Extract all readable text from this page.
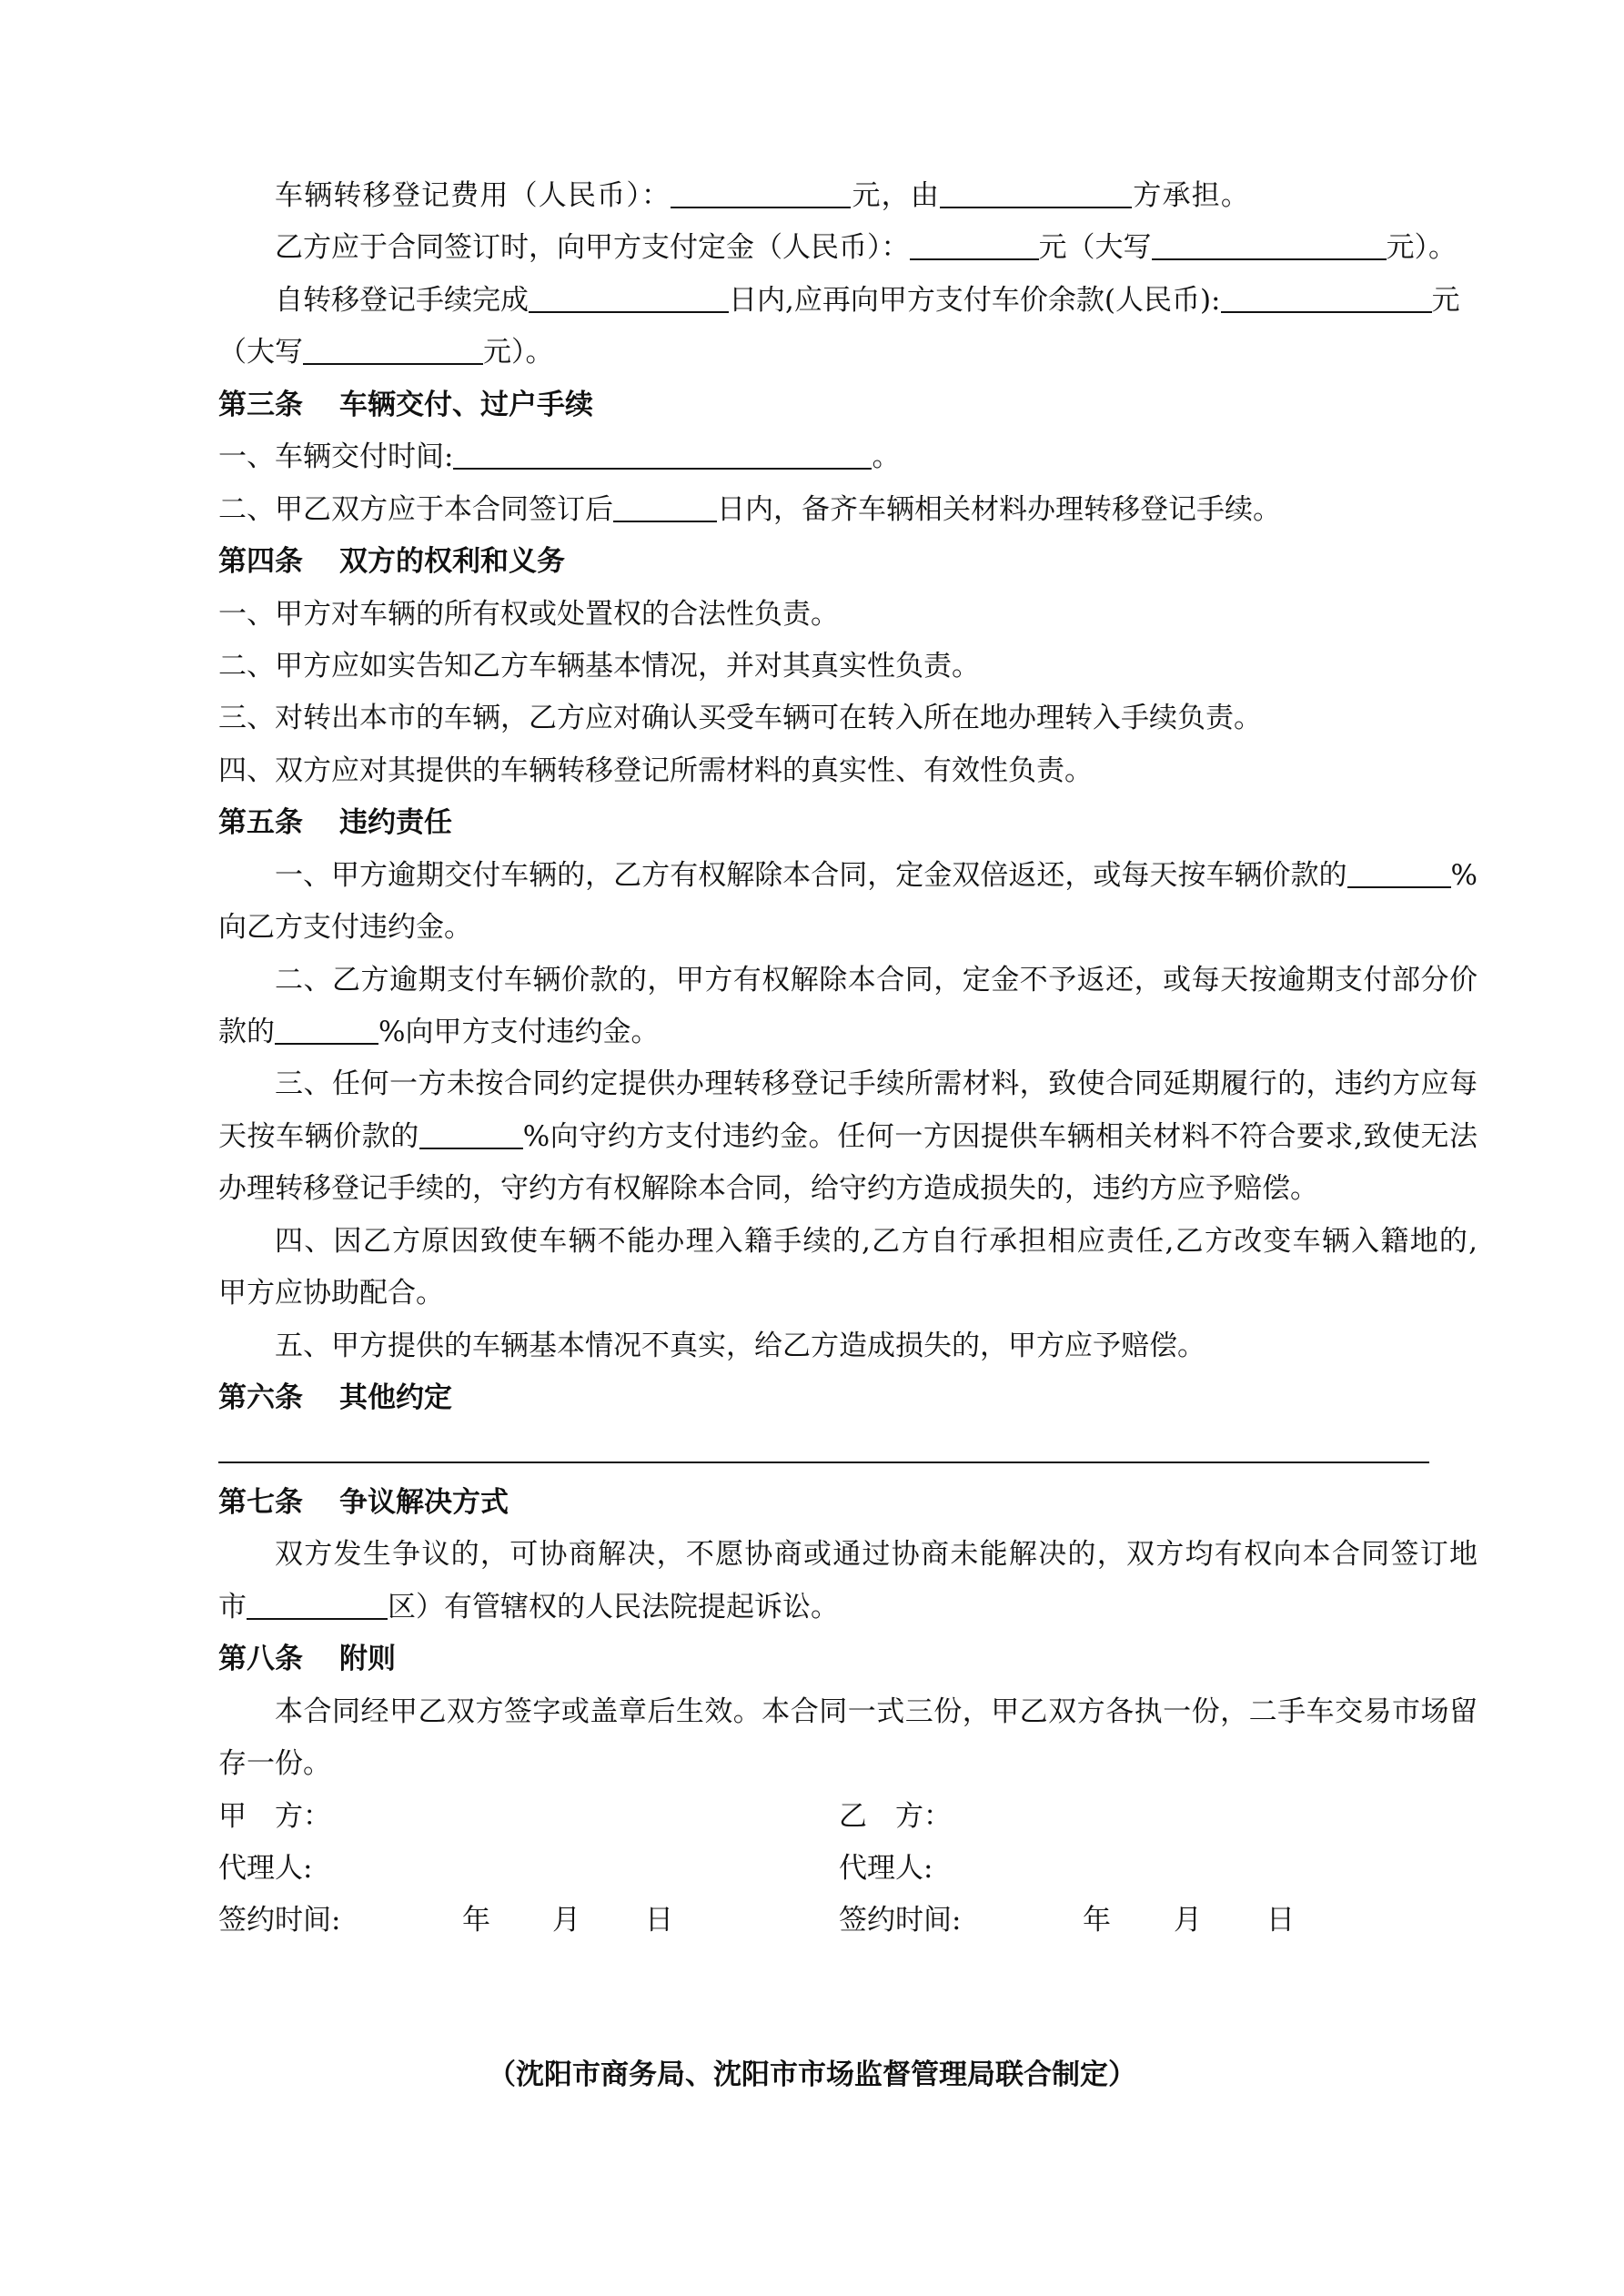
车辆转移登记费用（人民币）：	元，由	方承担。
乙方应于合同签订时，向甲方支付定金（人民币）：	元（大写	元）。
自转移登记手续完成	日内,应再向甲方支付车价余款(人民币):	元
（大写	元）。
第三条 车辆交付、过户手续
一、车辆交付时间:	。
二、甲乙双方应于本合同签订后	日内，备齐车辆相关材料办理转移登记手续。
第四条 双方的权利和义务
一、甲方对车辆的所有权或处置权的合法性负责。
二、甲方应如实告知乙方车辆基本情况，并对其真实性负责。
三、对转出本市的车辆，乙方应对确认买受车辆可在转入所在地办理转入手续负责。
四、双方应对其提供的车辆转移登记所需材料的真实性、有效性负责。
第五条 违约责任
一、甲方逾期交付车辆的，乙方有权解除本合同，定金双倍返还，或每天按车辆价款的	%
向乙方支付违约金。
二、乙方逾期支付车辆价款的，甲方有权解除本合同，定金不予返还，或每天按逾期支付部分价
款的	%向甲方支付违约金。
三、任何一方未按合同约定提供办理转移登记手续所需材料，致使合同延期履行的，违约方应每
天按车辆价款的	%向守约方支付违约金。任何一方因提供车辆相关材料不符合要求,致使无法
办理转移登记手续的，守约方有权解除本合同，给守约方造成损失的，违约方应予赔偿。
四、因乙方原因致使车辆不能办理入籍手续的,乙方自行承担相应责任,乙方改变车辆入籍地的,
甲方应协助配合。
五、甲方提供的车辆基本情况不真实，给乙方造成损失的，甲方应予赔偿。
第六条 其他约定
第七条 争议解决方式
双方发生争议的，可协商解决，不愿协商或通过协商未能解决的，双方均有权向本合同签订地
市	区）有管辖权的人民法院提起诉讼。
第八条 附则
本合同经甲乙双方签字或盖章后生效。本合同一式三份，甲乙双方各执一份，二手车交易市场留
存一份。
甲　方：	乙　方：
代理人:	代理人:
签约时间:	年 月 日	签约时间:	年 月 日
（沈阳市商务局、沈阳市市场监督管理局联合制定）
